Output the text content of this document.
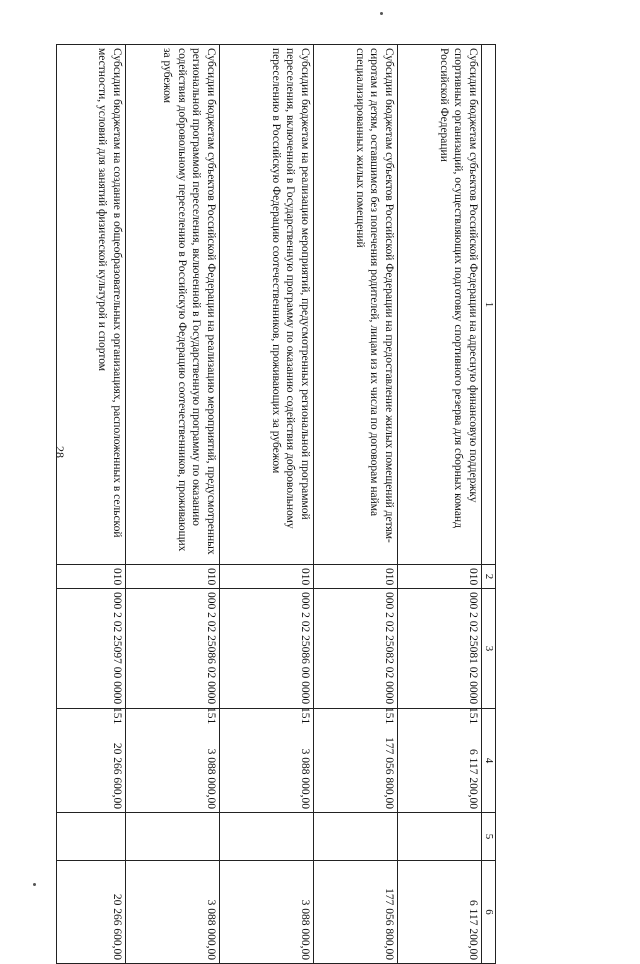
28
1	2	3	4	5	6
Субсидии бюджетам субъектов Российской Федерации на адресную финансовую поддержку спортивных организаций, осуществляющих подготовку спортивного резерва для сборных команд Российской Федерации	010	000 2 02 25081 02 0000 151	6 117 200,00		6 117 200,00
Субсидии бюджетам субъектов Российской Федерации на предоставление жилых помещений детям-сиротам и детям, оставшимся без попечения родителей, лицам из их числа по договорам найма специализированных жилых помещений	010	000 2 02 25082 02 0000 151	177 056 800,00		177 056 800,00
Субсидии бюджетам на реализацию мероприятий, предусмотренных региональной программой переселения, включенной в Государственную программу по оказанию содействия добровольному переселению в Российскую Федерацию соотечественников, проживающих за рубежом	010	000 2 02 25086 00 0000 151	3 088 000,00		3 088 000,00
Субсидии бюджетам субъектов Российской Федерации на реализацию мероприятий, предусмотренных региональной программой переселения, включенной в Государственную программу по оказанию содействия добровольному переселению в Российскую Федерацию соотечественников, проживающих за рубежом	010	000 2 02 25086 02 0000 151	3 088 000,00		3 088 000,00
Субсидии бюджетам на создание в общеобразовательных организациях, расположенных в сельской местности, условий для занятий физической культурой и спортом	010	000 2 02 25097 00 0000 151	20 266 600,00		20 266 600,00
